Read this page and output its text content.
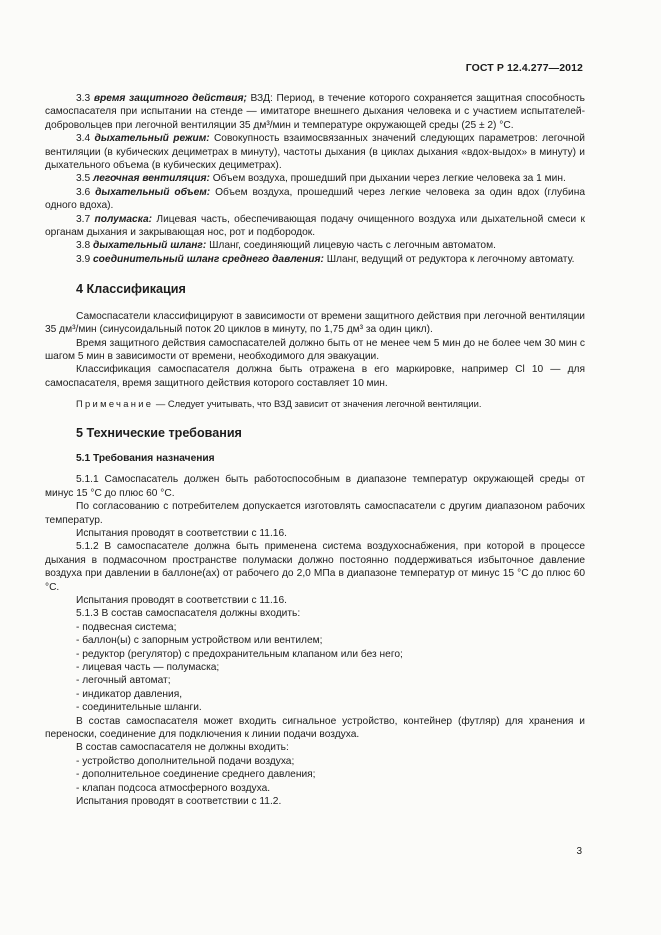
ГОСТ Р 12.4.277—2012

3.3 время защитного действия; ВЗД: Период, в течение которого сохраняется защитная способность самоспасателя при испытании на стенде — имитаторе внешнего дыхания человека и с участием испытателей-добровольцев при легочной вентиляции 35 дм³/мин и температуре окружающей среды (25 ± 2) °С.

3.4 дыхательный режим: Совокупность взаимосвязанных значений следующих параметров: легочной вентиляции (в кубических дециметрах в минуту), частоты дыхания (в циклах дыхания «вдох-выдох» в минуту) и дыхательного объема (в кубических дециметрах).

3.5 легочная вентиляция: Объем воздуха, прошедший при дыхании через легкие человека за 1 мин.

3.6 дыхательный объем: Объем воздуха, прошедший через легкие человека за один вдох (глубина одного вдоха).

3.7 полумаска: Лицевая часть, обеспечивающая подачу очищенного воздуха или дыхательной смеси к органам дыхания и закрывающая нос, рот и подбородок.

3.8 дыхательный шланг: Шланг, соединяющий лицевую часть с легочным автоматом.

3.9 соединительный шланг среднего давления: Шланг, ведущий от редуктора к легочному автомату.

4 Классификация

Самоспасатели классифицируют в зависимости от времени защитного действия при легочной вентиляции 35 дм³/мин (синусоидальный поток 20 циклов в минуту, по 1,75 дм³ за один цикл).

Время защитного действия самоспасателей должно быть от не менее чем 5 мин до не более чем 30 мин с шагом 5 мин в зависимости от времени, необходимого для эвакуации.

Классификация самоспасателя должна быть отражена в его маркировке, например Сl 10 — для самоспасателя, время защитного действия которого составляет 10 мин.

Примечание — Следует учитывать, что ВЗД зависит от значения легочной вентиляции.

5 Технические требования
5.1 Требования назначения

5.1.1 Самоспасатель должен быть работоспособным в диапазоне температур окружающей среды от минус 15 °С до плюс 60 °С.

По согласованию с потребителем допускается изготовлять самоспасатели с другим диапазоном рабочих температур.

Испытания проводят в соответствии с 11.16.

5.1.2 В самоспасателе должна быть применена система воздухоснабжения, при которой в процессе дыхания в подмасочном пространстве полумаски должно постоянно поддерживаться избыточное давление воздуха при давлении в баллоне(ах) от рабочего до 2,0 МПа в диапазоне температур от минус 15 °С до плюс 60 °С.

Испытания проводят в соответствии с 11.16.

5.1.3 В состав самоспасателя должны входить:

- подвесная система;
- баллон(ы) с запорным устройством или вентилем;
- редуктор (регулятор) с предохранительным клапаном или без него;
- лицевая часть — полумаска;
- легочный автомат;
- индикатор давления,
- соединительные шланги.

В состав самоспасателя может входить сигнальное устройство, контейнер (футляр) для хранения и переноски, соединение для подключения к линии подачи воздуха.

В состав самоспасателя не должны входить:

- устройство дополнительной подачи воздуха;
- дополнительное соединение среднего давления;
- клапан подсоса атмосферного воздуха.

Испытания проводят в соответствии с 11.2.

3
